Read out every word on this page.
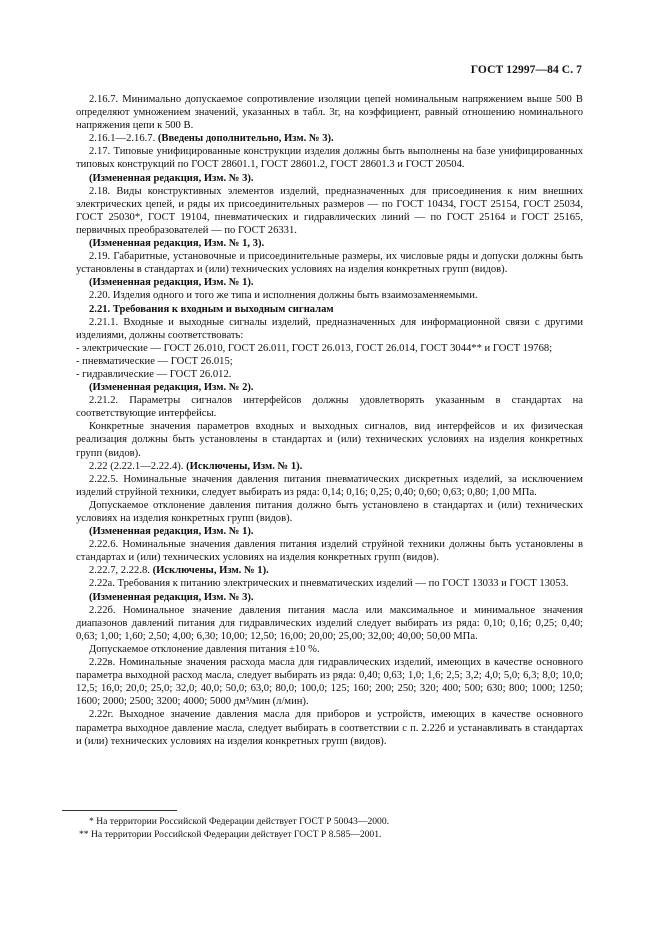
ГОСТ 12997—84 С. 7

2.16.7. Минимально допускаемое сопротивление изоляции цепей номинальным напряжением выше 500 В определяют умножением значений, указанных в табл. 3г, на коэффициент, равный отношению номинального напряжения цепи к 500 В.

2.16.1—2.16.7. (Введены дополнительно, Изм. № 3).

2.17. Типовые унифицированные конструкции изделия должны быть выполнены на базе унифицированных типовых конструкций по ГОСТ 28601.1, ГОСТ 28601.2, ГОСТ 28601.3 и ГОСТ 20504.

(Измененная редакция, Изм. № 3).

2.18. Виды конструктивных элементов изделий, предназначенных для присоединения к ним внешних электрических цепей, и ряды их присоединительных размеров — по ГОСТ 10434, ГОСТ 25154, ГОСТ 25034, ГОСТ 25030*, ГОСТ 19104, пневматических и гидравлических линий — по ГОСТ 25164 и ГОСТ 25165, первичных преобразователей — по ГОСТ 26331.

(Измененная редакция, Изм. № 1, 3).

2.19. Габаритные, установочные и присоединительные размеры, их числовые ряды и допуски должны быть установлены в стандартах и (или) технических условиях на изделия конкретных групп (видов).

(Измененная редакция, Изм. № 1).

2.20. Изделия одного и того же типа и исполнения должны быть взаимозаменяемыми.

2.21. Требования к входным и выходным сигналам

2.21.1. Входные и выходные сигналы изделий, предназначенных для информационной связи с другими изделиями, должны соответствовать:

- электрические — ГОСТ 26.010, ГОСТ 26.011, ГОСТ 26.013, ГОСТ 26.014, ГОСТ 3044** и ГОСТ 19768;

- пневматические — ГОСТ 26.015;

- гидравлические — ГОСТ 26.012.

(Измененная редакция, Изм. № 2).

2.21.2. Параметры сигналов интерфейсов должны удовлетворять указанным в стандартах на соответствующие интерфейсы.

Конкретные значения параметров входных и выходных сигналов, вид интерфейсов и их физическая реализация должны быть установлены в стандартах и (или) технических условиях на изделия конкретных групп (видов).

2.22 (2.22.1—2.22.4). (Исключены, Изм. № 1).

2.22.5. Номинальные значения давления питания пневматических дискретных изделий, за исключением изделий струйной техники, следует выбирать из ряда: 0,14; 0,16; 0,25; 0,40; 0,60; 0,63; 0,80; 1,00 МПа.

Допускаемое отклонение давления питания должно быть установлено в стандартах и (или) технических условиях на изделия конкретных групп (видов).

(Измененная редакция, Изм. № 1).

2.22.6. Номинальные значения давления питания изделий струйной техники должны быть установлены в стандартах и (или) технических условиях на изделия конкретных групп (видов).

2.22.7, 2.22.8. (Исключены, Изм. № 1).

2.22а. Требования к питанию электрических и пневматических изделий — по ГОСТ 13033 и ГОСТ 13053.

(Измененная редакция, Изм. № 3).

2.22б. Номинальное значение давления питания масла или максимальное и минимальное значения диапазонов давлений питания для гидравлических изделий следует выбирать из ряда: 0,10; 0,16; 0,25; 0,40; 0,63; 1,00; 1,60; 2,50; 4,00; 6,30; 10,00; 12,50; 16,00; 20,00; 25,00; 32,00; 40,00; 50,00 МПа.

Допускаемое отклонение давления питания ±10 %.

2.22в. Номинальные значения расхода масла для гидравлических изделий, имеющих в качестве основного параметра выходной расход масла, следует выбирать из ряда: 0,40; 0,63; 1,0; 1,6; 2,5; 3,2; 4,0; 5,0; 6,3; 8,0; 10,0; 12,5; 16,0; 20,0; 25,0; 32,0; 40,0; 50,0; 63,0; 80,0; 100,0; 125; 160; 200; 250; 320; 400; 500; 630; 800; 1000; 1250; 1600; 2000; 2500; 3200; 4000; 5000 дм³/мин (л/мин).

2.22г. Выходное значение давления масла для приборов и устройств, имеющих в качестве основного параметра выходное давление масла, следует выбирать в соответствии с п. 2.22б и устанавливать в стандартах и (или) технических условиях на изделия конкретных групп (видов).

* На территории Российской Федерации действует ГОСТ Р 50043—2000.

** На территории Российской Федерации действует ГОСТ Р 8.585—2001.
